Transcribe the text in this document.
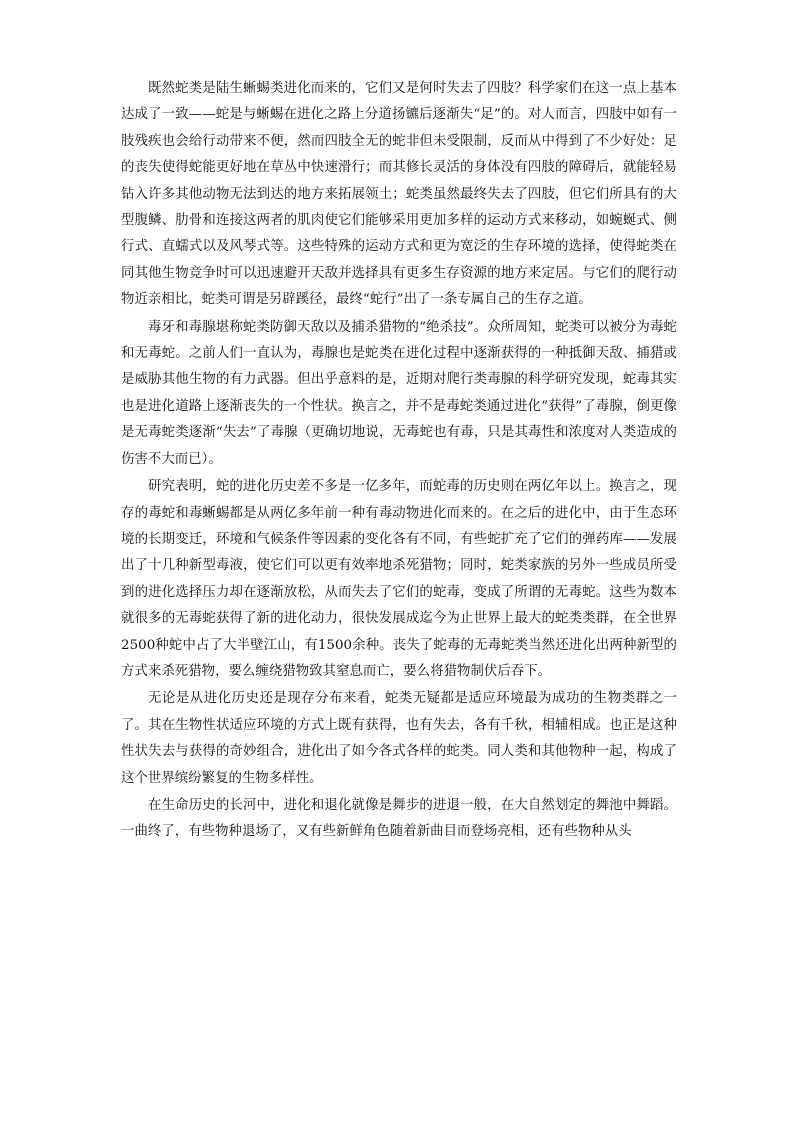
既然蛇类是陆生蜥蜴类进化而来的，它们又是何时失去了四肢？科学家们在这一点上基本达成了一致——蛇是与蜥蜴在进化之路上分道扬镳后逐渐失“足”的。对人而言，四肢中如有一肢残疾也会给行动带来不便，然而四肢全无的蛇非但未受限制，反而从中得到了不少好处：足的丧失使得蛇能更好地在草丛中快速滑行；而其修长灵活的身体没有四肢的障碍后，就能轻易钻入许多其他动物无法到达的地方来拓展领土；蛇类虽然最终失去了四肢，但它们所具有的大型腹鳞、肋骨和连接这两者的肌肉使它们能够采用更加多样的运动方式来移动，如蜿蜒式、侧行式、直蠕式以及风琴式等。这些特殊的运动方式和更为宽泛的生存环境的选择，使得蛇类在同其他生物竞争时可以迅速避开天敌并选择具有更多生存资源的地方来定居。与它们的爬行动物近亲相比，蛇类可谓是另辟蹊径，最终“蛇行”出了一条专属自己的生存之道。

毒牙和毒腺堪称蛇类防御天敌以及捕杀猎物的“绝杀技”。众所周知，蛇类可以被分为毒蛇和无毒蛇。之前人们一直认为，毒腺也是蛇类在进化过程中逐渐获得的一种抵御天敌、捕猎或是威胁其他生物的有力武器。但出乎意料的是，近期对爬行类毒腺的科学研究发现，蛇毒其实也是进化道路上逐渐丧失的一个性状。换言之，并不是毒蛇类通过进化“获得”了毒腺，倒更像是无毒蛇类逐渐“失去”了毒腺（更确切地说，无毒蛇也有毒，只是其毒性和浓度对人类造成的伤害不大而已）。

研究表明，蛇的进化历史差不多是一亿多年，而蛇毒的历史则在两亿年以上。换言之，现存的毒蛇和毒蜥蜴都是从两亿多年前一种有毒动物进化而来的。在之后的进化中，由于生态环境的长期变迁，环境和气候条件等因素的变化各有不同，有些蛇扩充了它们的弹药库——发展出了十几种新型毒液，使它们可以更有效率地杀死猎物；同时，蛇类家族的另外一些成员所受到的进化选择压力却在逐渐放松，从而失去了它们的蛇毒，变成了所谓的无毒蛇。这些为数本就很多的无毒蛇获得了新的进化动力，很快发展成迄今为止世界上最大的蛇类类群，在全世界2500种蛇中占了大半壁江山，有1500余种。丧失了蛇毒的无毒蛇类当然还进化出两种新型的方式来杀死猎物，要么缠绕猎物致其窒息而亡，要么将猎物制伏后吞下。

无论是从进化历史还是现存分布来看，蛇类无疑都是适应环境最为成功的生物类群之一了。其在生物性状适应环境的方式上既有获得，也有失去，各有千秋，相辅相成。也正是这种性状失去与获得的奇妙组合，进化出了如今各式各样的蛇类。同人类和其他物种一起，构成了这个世界缤纷繁复的生物多样性。

在生命历史的长河中，进化和退化就像是舞步的进退一般，在大自然划定的舞池中舞蹈。一曲终了，有些物种退场了，又有些新鲜角色随着新曲目而登场亮相，还有些物种从头
